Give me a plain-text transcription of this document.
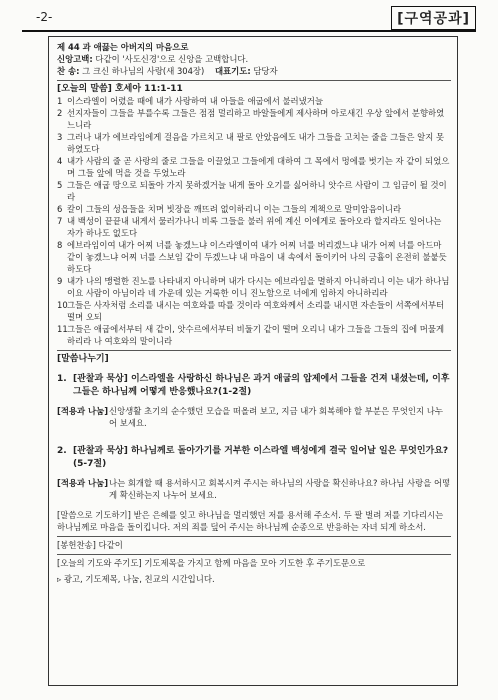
-2-	[구역공과]
제 44 과 애끓는 아버지의 마음으로
신앙고백:
다같이 '사도신경'으로 신앙을 고백합니다.
찬 송:
그 크신 하나님의 사랑(새 304장)
대표기도:
담당자
[오늘의 말씀] 호세아 11:1-11
1 이스라엘이 어렸을 때에 내가 사랑하여 내 아들을 애굽에서 불러냈거늘
2 선지자들이 그들을 부를수록 그들은 점점 멀리하고 바알들에게 제사하며 아로새긴 우상 앞에서 분향하였느니라
3 그러나 내가 에브라임에게 걸음을 가르치고 내 팔로 안았음에도 내가 그들을 고치는 줄을 그들은 알지 못하였도다
4 내가 사람의 줄 곧 사랑의 줄로 그들을 이끌었고 그들에게 대하여 그 목에서 멍에를 벗기는 자 같이 되었으며 그들 앞에 먹을 것을 두었노라
5 그들은 애굽 땅으로 되돌아 가지 못하겠거늘 내게 돌아 오기를 싫어하니 앗수르 사람이 그 임금이 될 것이라
6 칼이 그들의 성읍들을 치며 빗장을 깨뜨려 없이하리니 이는 그들의 계책으로 말미암음이니라
7 내 백성이 끝끝내 내게서 물러가나니 비록 그들을 불러 위에 계신 이에게로 돌아오라 할지라도 일어나는 자가 하나도 없도다
8 에브라임이여 내가 어찌 너를 놓겠느냐 이스라엘이여 내가 어찌 너를 버리겠느냐 내가 어찌 너를 아드마 같이 놓겠느냐 어찌 너를 스보임 같이 두겠느냐 내 마음이 내 속에서 돌이키어 나의 긍휼이 온전히 불붙듯 하도다
9 내가 나의 맹렬한 진노를 나타내지 아니하며 내가 다시는 에브라임을 멸하지 아니하리니 이는 내가 하나님이요 사람이 아님이라 네 가운데 있는 거룩한 이니 진노함으로 너에게 임하지 아니하리라
10 그들은 사자처럼 소리를 내시는 여호와를 따를 것이라 여호와께서 소리를 내시면 자손들이 서쪽에서부터 떨며 오되
11 그들은 애굽에서부터 새 같이, 앗수르에서부터 비둘기 같이 떨며 오리니 내가 그들을 그들의 집에 머물게 하리라 나 여호와의 말이니라
[말씀나누기]
1. [관찰과 묵상] 이스라엘을 사랑하신 하나님은 과거 애굽의 압제에서 그들을 건져 내셨는데, 이후 그들은 하나님께 어떻게 반응했나요?(1-2절)
[적용과 나눔] 신앙생활 초기의 순수했던 모습을 떠올려 보고, 지금 내가 회복해야 할 부분은 무엇인지 나누어 보세요.
2. [관찰과 묵상] 하나님께로 돌아가기를 거부한 이스라엘 백성에게 결국 일어날 일은 무엇인가요?(5-7절)
[적용과 나눔] 나는 회개할 때 용서하시고 회복시켜 주시는 하나님의 사랑을 확신하나요? 하나님 사랑을 어떻게 확신하는지 나누어 보세요.
[말씀으로 기도하기] 받은 은혜를 잊고 하나님을 멀리했던 저를 용서해 주소서. 두 팔 벌려 저를 기다리시는 하나님께로 마음을 돌이킵니다. 저의 죄를 덮어 주시는 하나님께 순종으로 반응하는 자녀 되게 하소서.
[봉헌찬송] 다같이
[오늘의 기도와 주기도] 기도제목을 가지고 함께 마음을 모아 기도한 후 주기도문으로
▹ 광고, 기도제목, 나눔, 친교의 시간입니다.
